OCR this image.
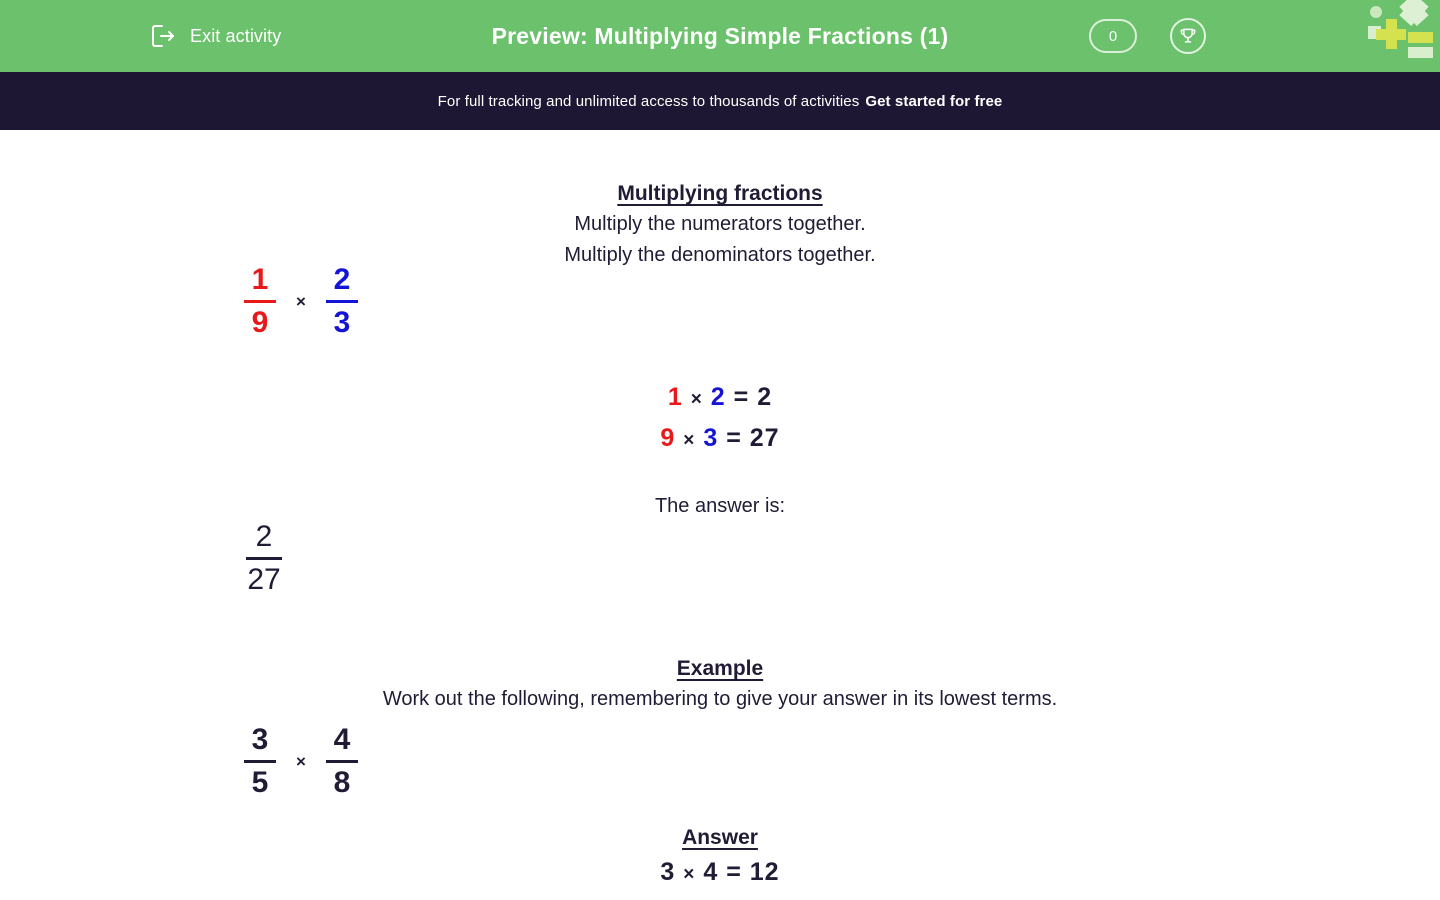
Exit activity	Preview: Multiplying Simple Fractions (1)	0
For full tracking and unlimited access to thousands of activities Get started for free
Multiplying fractions
Multiply the numerators together.
Multiply the denominators together.
$\frac{1}{9} \times \frac{2}{3}$
1 × 2 = 2
9 × 3 = 27
The answer is:
$\frac{2}{27}$
Example
Work out the following, remembering to give your answer in its lowest terms.
$\frac{3}{5} \times \frac{4}{8}$
Answer
3 × 4 = 12
